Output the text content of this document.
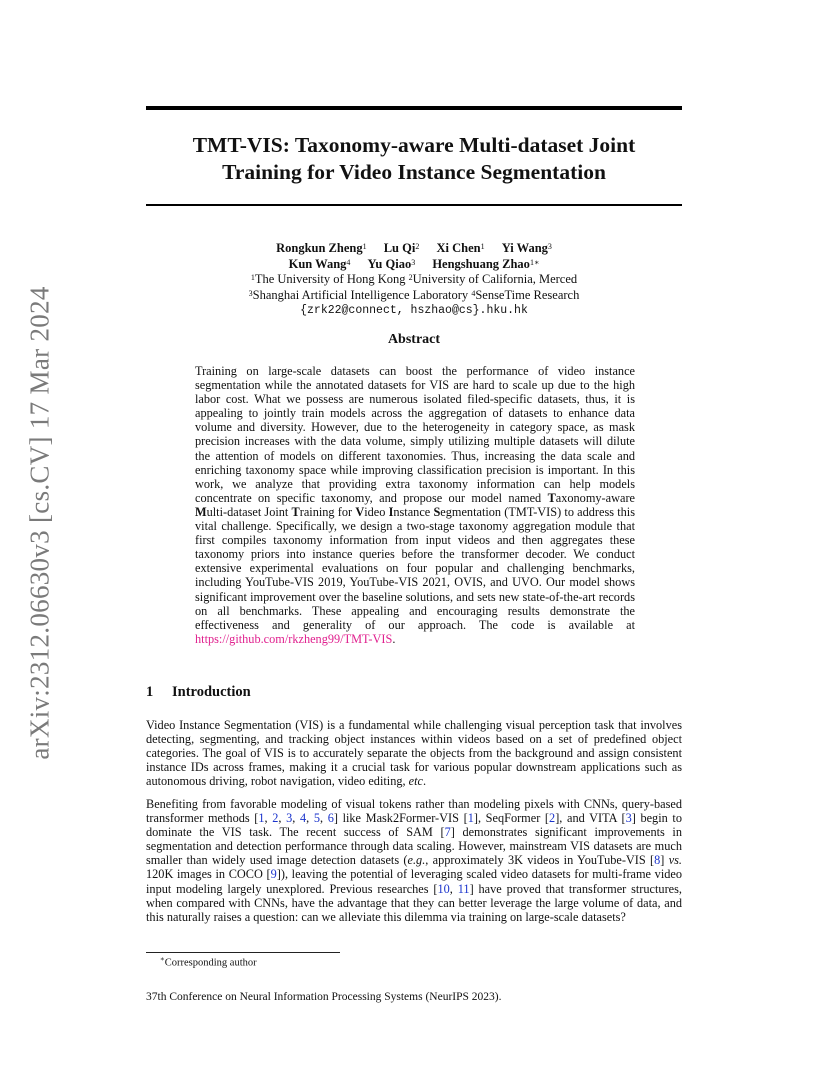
arXiv:2312.06630v3 [cs.CV] 17 Mar 2024
TMT-VIS: Taxonomy-aware Multi-dataset Joint
Training for Video Instance Segmentation
Rongkun Zheng$^1$ Lu Qi$^2$ Xi Chen$^1$ Yi Wang$^3$
Kun Wang$^4$ Yu Qiao$^3$ Hengshuang Zhao$^{1∗}$
$^1$The University of Hong Kong $^2$University of California, Merced
$^3$Shanghai Artificial Intelligence Laboratory $^4$SenseTime Research
{zrk22@connect, hszhao@cs}.hku.hk
Abstract

Training on large-scale datasets can boost the performance of video instance segmentation while the annotated datasets for VIS are hard to scale up due to the high labor cost. What we possess are numerous isolated filed-specific datasets, thus, it is appealing to jointly train models across the aggregation of datasets to enhance data volume and diversity. However, due to the heterogeneity in category space, as mask precision increases with the data volume, simply utilizing multiple datasets will dilute the attention of models on different taxonomies. Thus, increasing the data scale and enriching taxonomy space while improving classification precision is important. In this work, we analyze that providing extra taxonomy information can help models concentrate on specific taxonomy, and propose our model named Taxonomy-aware Multi-dataset Joint Training for Video Instance Segmentation (TMT-VIS) to address this vital challenge. Specifically, we design a two-stage taxonomy aggregation module that first compiles taxonomy information from input videos and then aggregates these taxonomy priors into instance queries before the transformer decoder. We conduct extensive experimental evaluations on four popular and challenging benchmarks, including YouTube-VIS 2019, YouTube-VIS 2021, OVIS, and UVO. Our model shows significant improvement over the baseline solutions, and sets new state-of-the-art records on all benchmarks. These appealing and encouraging results demonstrate the effectiveness and generality of our approach. The code is available at https://github.com/rkzheng99/TMT-VIS.

1 Introduction

Video Instance Segmentation (VIS) is a fundamental while challenging visual perception task that involves detecting, segmenting, and tracking object instances within videos based on a set of predefined object categories. The goal of VIS is to accurately separate the objects from the background and assign consistent instance IDs across frames, making it a crucial task for various popular downstream applications such as autonomous driving, robot navigation, video editing, etc.

Benefiting from favorable modeling of visual tokens rather than modeling pixels with CNNs, query-based transformer methods [1, 2, 3, 4, 5, 6] like Mask2Former-VIS [1], SeqFormer [2], and VITA [3] begin to dominate the VIS task. The recent success of SAM [7] demonstrates significant improvements in segmentation and detection performance through data scaling. However, mainstream VIS datasets are much smaller than widely used image detection datasets (e.g., approximately 3K videos in YouTube-VIS [8] vs. 120K images in COCO [9]), leaving the potential of leveraging scaled video datasets for multi-frame video input modeling largely unexplored. Previous researches [10, 11] have proved that transformer structures, when compared with CNNs, have the advantage that they can better leverage the large volume of data, and this naturally raises a question: can we alleviate this dilemma via training on large-scale datasets?

∗Corresponding author

37th Conference on Neural Information Processing Systems (NeurIPS 2023).
